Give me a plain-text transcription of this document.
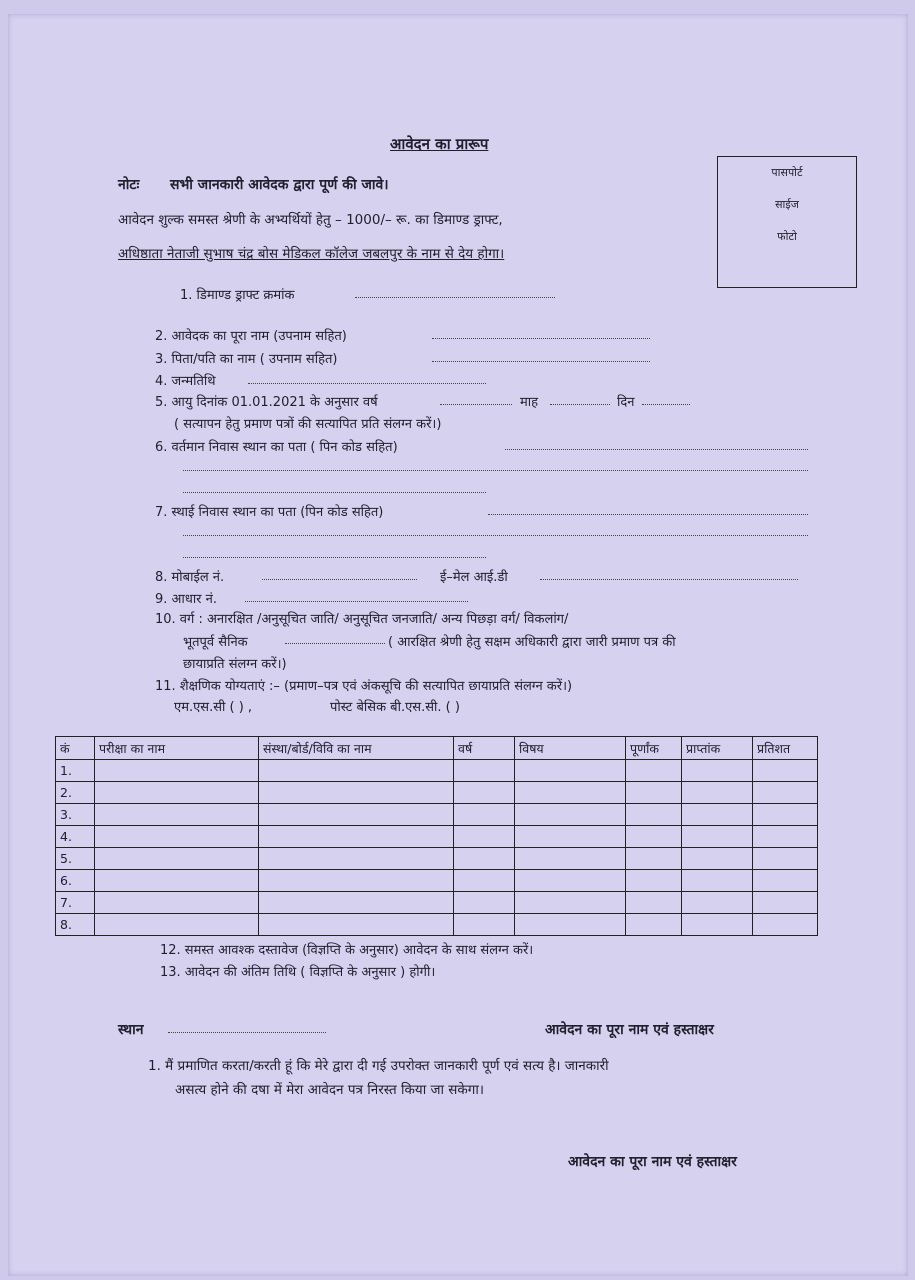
आवेदन का प्रारूप
नोटः सभी जानकारी आवेदक द्वारा पूर्ण की जावे।
आवेदन शुल्क समस्त श्रेणी के अभ्यर्थियों हेतु – 1000/– रू. का डिमाण्ड ड्राफ्ट,
अधिष्ठाता नेताजी सुभाष चंद्र बोस मेडिकल कॉलेज जबलपुर के नाम से देय होगा।
पासपोर्ट
साईज
फोटो
1. डिमाण्ड ड्राफ्ट क्रमांक
2. आवेदक का पूरा नाम (उपनाम सहित)
3. पिता/पति का नाम ( उपनाम सहित)
4. जन्मतिथि
5. आयु दिनांक 01.01.2021 के अनुसार वर्ष	माह	दिन
( सत्यापन हेतु प्रमाण पत्रों की सत्यापित प्रति संलग्न करें।)
6. वर्तमान निवास स्थान का पता ( पिन कोड सहित)
7. स्थाई निवास स्थान का पता (पिन कोड सहित)
8. मोबाईल नं.	ई–मेल आई.डी
9. आधार नं.
10. वर्ग : अनारक्षित /अनुसूचित जाति/ अनुसूचित जनजाति/ अन्य पिछड़ा वर्ग/ विकलांग/
भूतपूर्व सैनिक	( आरक्षित श्रेणी हेतु सक्षम अधिकारी द्वारा जारी प्रमाण पत्र की
छायाप्रति संलग्न करें।)
11. शैक्षणिक योग्यताएं :– (प्रमाण–पत्र एवं अंकसूचि की सत्यापित छायाप्रति संलग्न करें।)
एम.एस.सी ( ) ,	पोस्ट बेसिक बी.एस.सी. ( )
कं	परीक्षा का नाम	संस्था/बोर्ड/विवि का नाम	वर्ष	विषय	पूर्णांक	प्राप्तांक	प्रतिशत
1.							
2.							
3.							
4.							
5.							
6.							
7.							
8.							
12. समस्त आवश्क दस्तावेज (विज्ञप्ति के अनुसार) आवेदन के साथ संलग्न करें।
13. आवेदन की अंतिम तिथि ( विज्ञप्ति के अनुसार ) होगी।
स्थान	आवेदन का पूरा नाम एवं हस्ताक्षर
1. मैं प्रमाणित करता/करती हूं कि मेरे द्वारा दी गई उपरोक्त जानकारी पूर्ण एवं सत्य है। जानकारी
असत्य होने की दषा में मेरा आवेदन पत्र निरस्त किया जा सकेगा।
आवेदन का पूरा नाम एवं हस्ताक्षर
